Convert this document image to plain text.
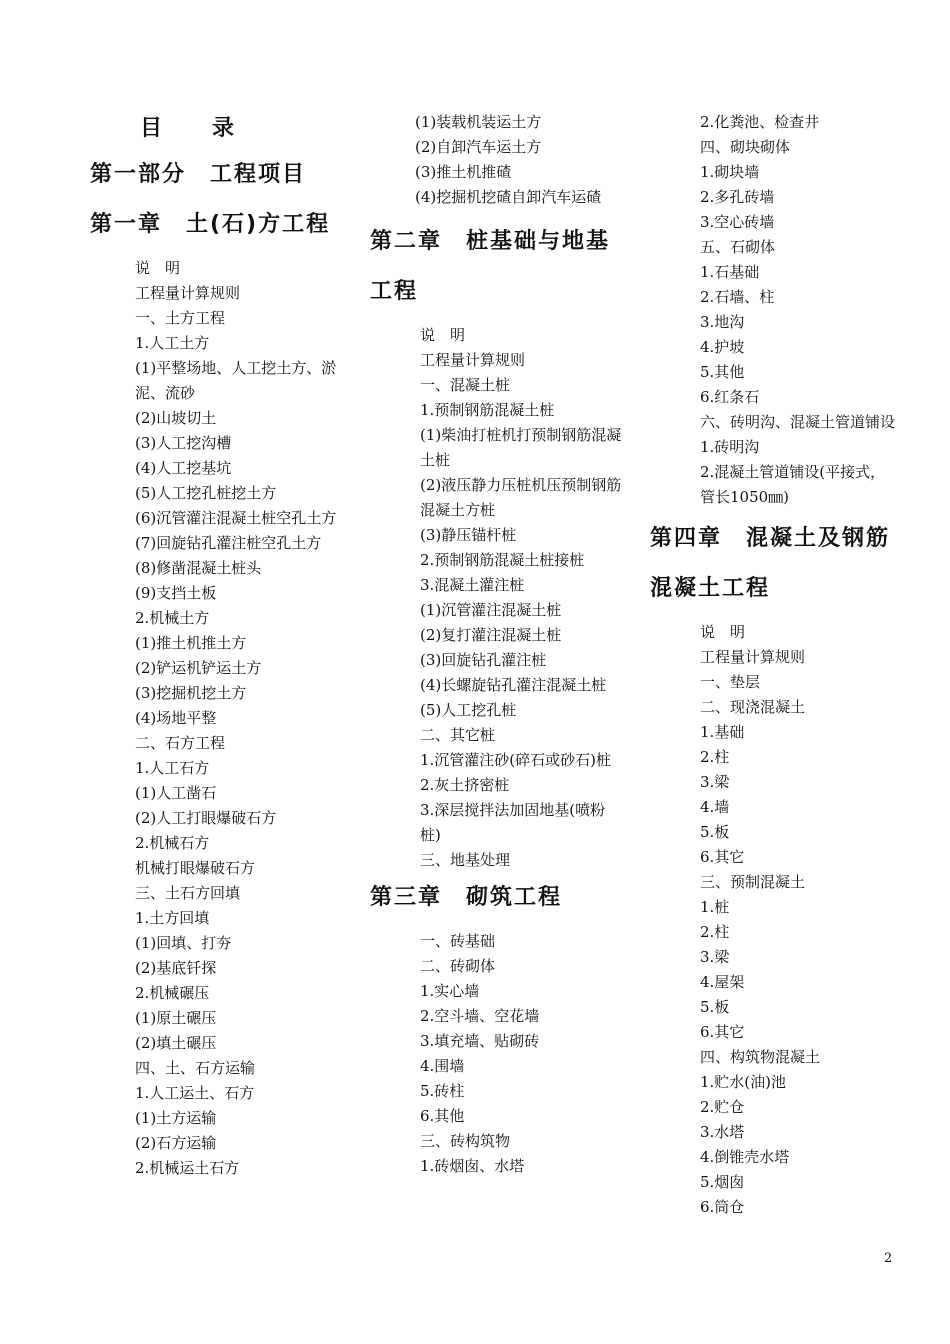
目　录
第一部分　工程项目
第一章　土(石)方工程
说　明
工程量计算规则
一、土方工程
1.人工土方
(1)平整场地、人工挖土方、淤泥、流砂
(2)山坡切土
(3)人工挖沟槽
(4)人工挖基坑
(5)人工挖孔桩挖土方
(6)沉管灌注混凝土桩空孔土方
(7)回旋钻孔灌注桩空孔土方
(8)修凿混凝土桩头
(9)支挡土板
2.机械土方
(1)推土机推土方
(2)铲运机铲运土方
(3)挖掘机挖土方
(4)场地平整
二、石方工程
1.人工石方
(1)人工凿石
(2)人工打眼爆破石方
2.机械石方
机械打眼爆破石方
三、土石方回填
1.土方回填
(1)回填、打夯
(2)基底钎探
2.机械碾压
(1)原土碾压
(2)填土碾压
四、土、石方运输
1.人工运土、石方
(1)土方运输
(2)石方运输
2.机械运土石方
(1)装载机装运土方
(2)自卸汽车运土方
(3)推土机推碴
(4)挖掘机挖碴自卸汽车运碴
第二章　桩基础与地基
工程
说　明
工程量计算规则
一、混凝土桩
1.预制钢筋混凝土桩
(1)柴油打桩机打预制钢筋混凝土桩
(2)液压静力压桩机压预制钢筋混凝土方桩
(3)静压锚杆桩
2.预制钢筋混凝土桩接桩
3.混凝土灌注桩
(1)沉管灌注混凝土桩
(2)复打灌注混凝土桩
(3)回旋钻孔灌注桩
(4)长螺旋钻孔灌注混凝土桩
(5)人工挖孔桩
二、其它桩
1.沉管灌注砂(碎石或砂石)桩
2.灰土挤密桩
3.深层搅拌法加固地基(喷粉桩)
三、地基处理
第三章　砌筑工程
一、砖基础
二、砖砌体
1.实心墙
2.空斗墙、空花墙
3.填充墙、贴砌砖
4.围墙
5.砖柱
6.其他
三、砖构筑物
1.砖烟囱、水塔
2.化粪池、检查井
四、砌块砌体
1.砌块墙
2.多孔砖墙
3.空心砖墙
五、石砌体
1.石基础
2.石墙、柱
3.地沟
4.护坡
5.其他
6.红条石
六、砖明沟、混凝土管道铺设
1.砖明沟
2.混凝土管道铺设(平接式，管长1050㎜)
第四章　混凝土及钢筋
混凝土工程
说　明
工程量计算规则
一、垫层
二、现浇混凝土
1.基础
2.柱
3.梁
4.墙
5.板
6.其它
三、预制混凝土
1.桩
2.柱
3.梁
4.屋架
5.板
6.其它
四、构筑物混凝土
1.贮水(油)池
2.贮仓
3.水塔
4.倒锥壳水塔
5.烟囱
6.筒仓
2
